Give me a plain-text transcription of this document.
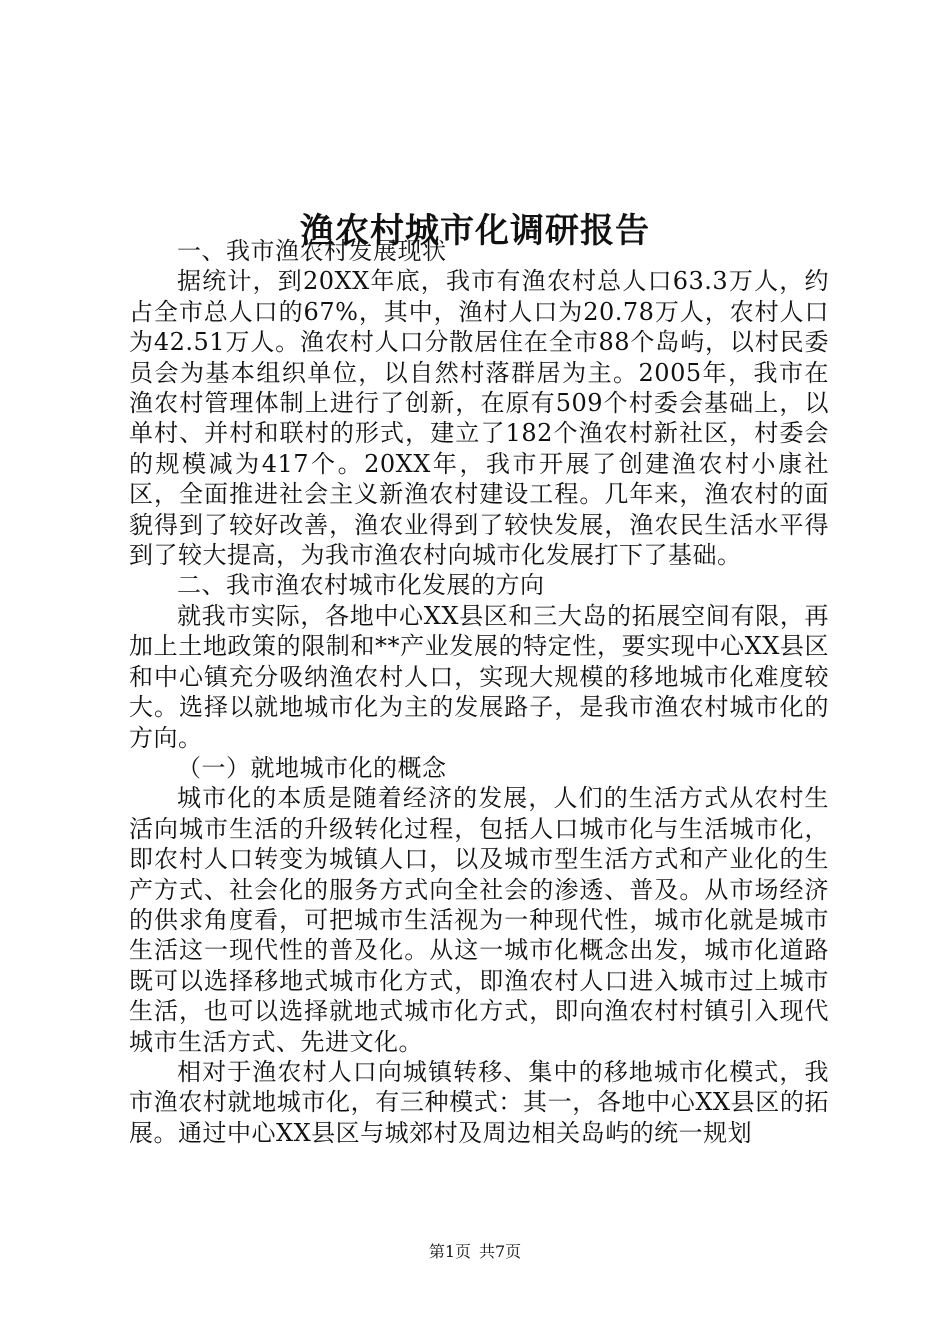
渔农村城市化调研报告

一、我市渔农村发展现状

据统计，到20XX年底，我市有渔农村总人口63.3万人，约占全市总人口的67%，其中，渔村人口为20.78万人，农村人口为42.51万人。渔农村人口分散居住在全市88个岛屿，以村民委员会为基本组织单位，以自然村落群居为主。2005年，我市在渔农村管理体制上进行了创新，在原有509个村委会基础上，以单村、并村和联村的形式，建立了182个渔农村新社区，村委会的规模减为417个。20XX年，我市开展了创建渔农村小康社区，全面推进社会主义新渔农村建设工程。几年来，渔农村的面貌得到了较好改善，渔农业得到了较快发展，渔农民生活水平得到了较大提高，为我市渔农村向城市化发展打下了基础。

二、我市渔农村城市化发展的方向

就我市实际，各地中心XX县区和三大岛的拓展空间有限，再加上土地政策的限制和**产业发展的特定性，要实现中心XX县区和中心镇充分吸纳渔农村人口，实现大规模的移地城市化难度较大。选择以就地城市化为主的发展路子，是我市渔农村城市化的方向。

（一）就地城市化的概念

城市化的本质是随着经济的发展，人们的生活方式从农村生活向城市生活的升级转化过程，包括人口城市化与生活城市化，即农村人口转变为城镇人口，以及城市型生活方式和产业化的生产方式、社会化的服务方式向全社会的渗透、普及。从市场经济的供求角度看，可把城市生活视为一种现代性，城市化就是城市生活这一现代性的普及化。从这一城市化概念出发，城市化道路既可以选择移地式城市化方式，即渔农村人口进入城市过上城市生活，也可以选择就地式城市化方式，即向渔农村村镇引入现代城市生活方式、先进文化。

相对于渔农村人口向城镇转移、集中的移地城市化模式，我市渔农村就地城市化，有三种模式：其一，各地中心XX县区的拓展。通过中心XX县区与城郊村及周边相关岛屿的统一规划

第1页 共7页
